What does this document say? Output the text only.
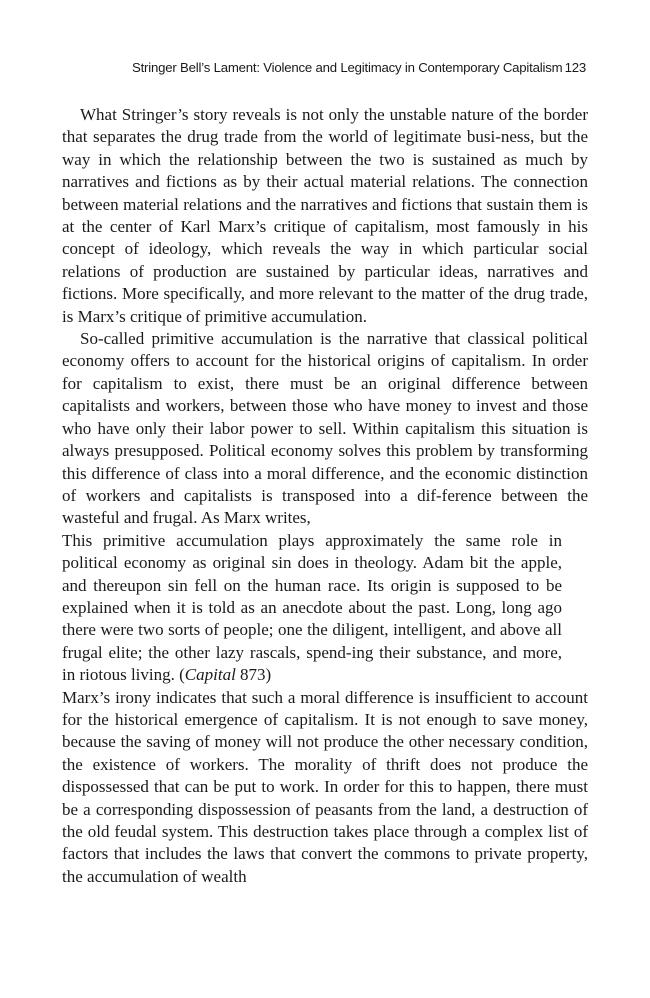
Stringer Bell’s Lament: Violence and Legitimacy in Contemporary Capitalism 123

What Stringer’s story reveals is not only the unstable nature of the border that separates the drug trade from the world of legitimate busi-ness, but the way in which the relationship between the two is sustained as much by narratives and fictions as by their actual material relations. The connection between material relations and the narratives and fictions that sustain them is at the center of Karl Marx’s critique of capitalism, most famously in his concept of ideology, which reveals the way in which particular social relations of production are sustained by particular ideas, narratives and fictions. More specifically, and more relevant to the matter of the drug trade, is Marx’s critique of primitive accumulation.

So-called primitive accumulation is the narrative that classical political economy offers to account for the historical origins of capitalism. In order for capitalism to exist, there must be an original difference between capitalists and workers, between those who have money to invest and those who have only their labor power to sell. Within capitalism this situation is always presupposed. Political economy solves this problem by transforming this difference of class into a moral difference, and the economic distinction of workers and capitalists is transposed into a dif-ference between the wasteful and frugal. As Marx writes,

This primitive accumulation plays approximately the same role in political economy as original sin does in theology. Adam bit the apple, and thereupon sin fell on the human race. Its origin is supposed to be explained when it is told as an anecdote about the past. Long, long ago there were two sorts of people; one the diligent, intelligent, and above all frugal elite; the other lazy rascals, spend-ing their substance, and more, in riotous living. (Capital 873)

Marx’s irony indicates that such a moral difference is insufficient to account for the historical emergence of capitalism. It is not enough to save money, because the saving of money will not produce the other necessary condition, the existence of workers. The morality of thrift does not produce the dispossessed that can be put to work. In order for this to happen, there must be a corresponding dispossession of peasants from the land, a destruction of the old feudal system. This destruction takes place through a complex list of factors that includes the laws that convert the commons to private property, the accumulation of wealth
